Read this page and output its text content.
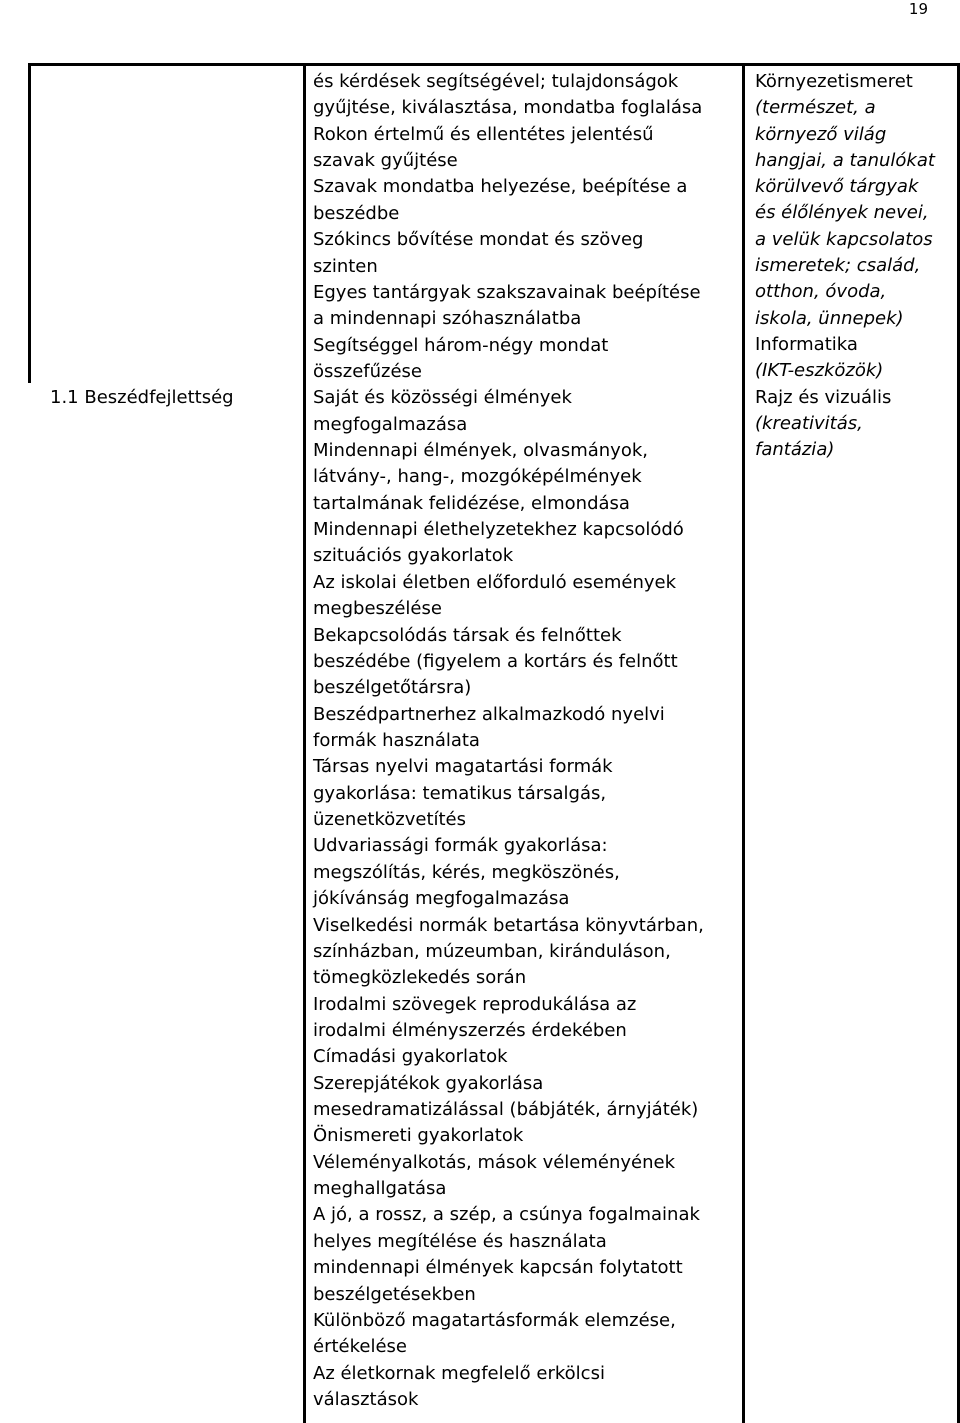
19
1.1 Beszédfejlettség
és kérdések segítségével; tulajdonságok
gyűjtése, kiválasztása, mondatba foglalása
Rokon értelmű és ellentétes jelentésű
szavak gyűjtése
Szavak mondatba helyezése, beépítése a
beszédbe
Szókincs bővítése mondat és szöveg
szinten
Egyes tantárgyak szakszavainak beépítése
a mindennapi szóhasználatba
Segítséggel három-négy mondat
összefűzése
Saját és közösségi élmények
megfogalmazása
Mindennapi élmények, olvasmányok,
látvány-, hang-, mozgóképélmények
tartalmának felidézése, elmondása
Mindennapi élethelyzetekhez kapcsolódó
szituációs gyakorlatok
Az iskolai életben előforduló események
megbeszélése
Bekapcsolódás társak és felnőttek
beszédébe (figyelem a kortárs és felnőtt
beszélgetőtársra)
Beszédpartnerhez alkalmazkodó nyelvi
formák használata
Társas nyelvi magatartási formák
gyakorlása: tematikus társalgás,
üzenetközvetítés
Udvariassági formák gyakorlása:
megszólítás, kérés, megköszönés,
jókívánság megfogalmazása
Viselkedési normák betartása könyvtárban,
színházban, múzeumban, kiránduláson,
tömegközlekedés során
Irodalmi szövegek reprodukálása az
irodalmi élményszerzés érdekében
Címadási gyakorlatok
Szerepjátékok gyakorlása
mesedramatizálással (bábjáték, árnyjáték)
Önismereti gyakorlatok
Véleményalkotás, mások véleményének
meghallgatása
A jó, a rossz, a szép, a csúnya fogalmainak
helyes megítélése és használata
mindennapi élmények kapcsán folytatott
beszélgetésekben
Különböző magatartásformák elemzése,
értékelése
Az életkornak megfelelő erkölcsi
választások
Környezetismeret
(természet, a
környező világ
hangjai, a tanulókat
körülvevő tárgyak
és élőlények nevei,
a velük kapcsolatos
ismeretek; család,
otthon, óvoda,
iskola, ünnepek)
Informatika
(IKT-eszközök)
Rajz és vizuális
(kreativitás,
fantázia)
